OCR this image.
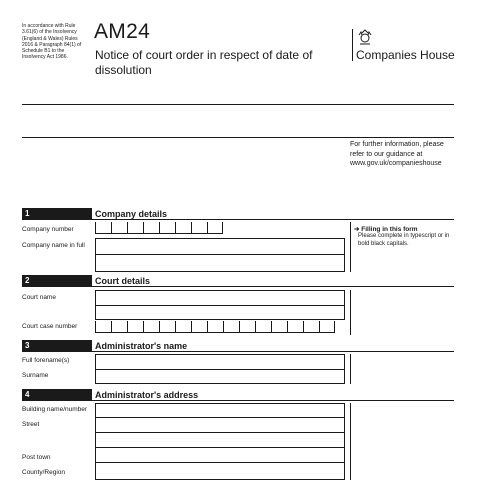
In accordance with Rule 3.61(6) of the Insolvency (England & Wales) Rules 2016 & Paragraph 84(1) of Schedule B1 to the Insolvency Act 1986.
AM24
Notice of court order in respect of date of dissolution
Companies House
For further information, please refer to our guidance at www.gov.uk/companieshouse
1	Company details
Company number
Company name in full
➔ Filling in this form
Please complete in typescript or in bold black capitals.
2	Court details
Court name
Court case number
3	Administrator's name
Full forename(s)
Surname
4	Administrator's address
Building name/number
Street
Post town
County/Region
